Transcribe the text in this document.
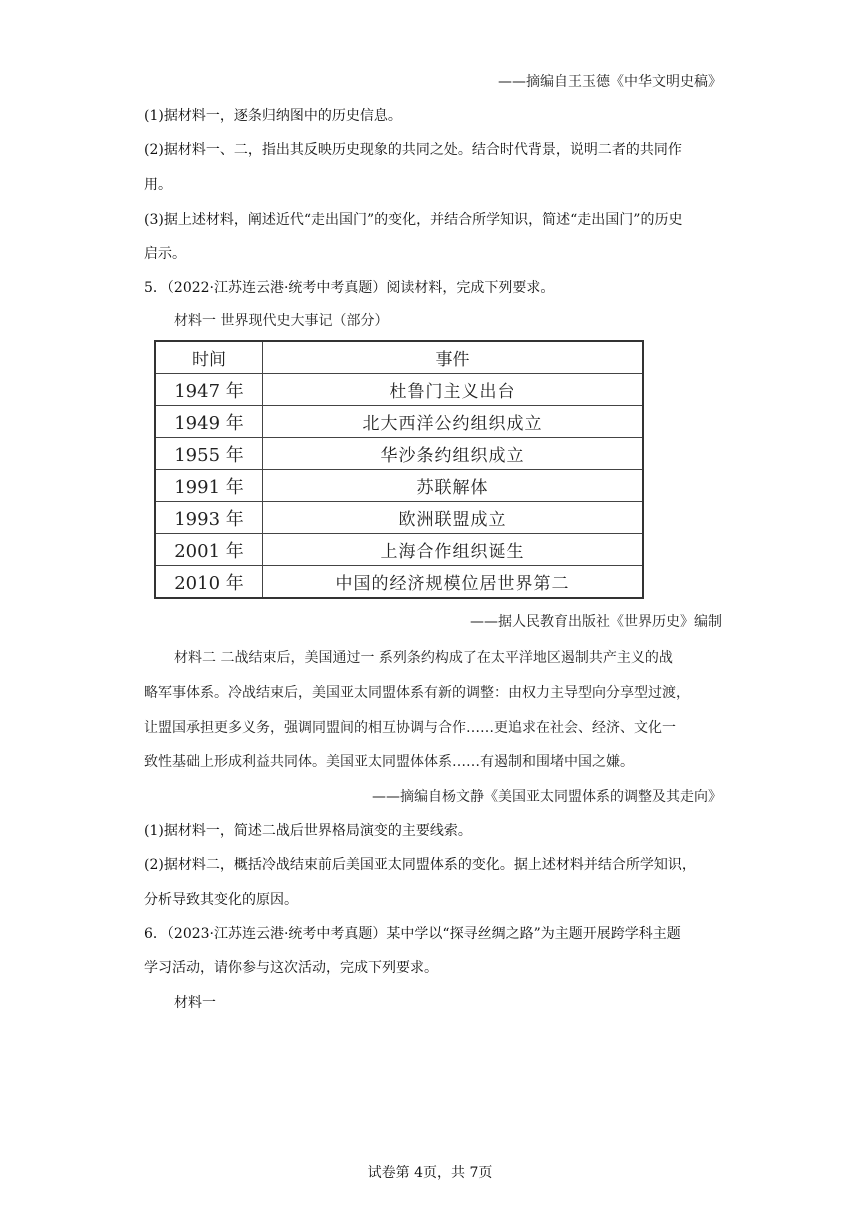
——摘编自王玉德《中华文明史稿》
(1)据材料一，逐条归纳图中的历史信息。
(2)据材料一、二，指出其反映历史现象的共同之处。结合时代背景，说明二者的共同作
用。
(3)据上述材料，阐述近代“走出国门”的变化，并结合所学知识，简述“走出国门”的历史
启示。
5．（2022·江苏连云港·统考中考真题）阅读材料，完成下列要求。
材料一 世界现代史大事记（部分）
时间	事件
1947 年	杜鲁门主义出台
1949 年	北大西洋公约组织成立
1955 年	华沙条约组织成立
1991 年	苏联解体
1993 年	欧洲联盟成立
2001 年	上海合作组织诞生
2010 年	中国的经济规模位居世界第二
——据人民教育出版社《世界历史》编制
材料二 二战结束后，美国通过一 系列条约构成了在太平洋地区遏制共产主义的战
略军事体系。冷战结束后，美国亚太同盟体系有新的调整：由权力主导型向分享型过渡，
让盟国承担更多义务，强调同盟间的相互协调与合作……更追求在社会、经济、文化一
致性基础上形成利益共同体。美国亚太同盟体体系……有遏制和围堵中国之嫌。
——摘编自杨文静《美国亚太同盟体系的调整及其走向》
(1)据材料一，简述二战后世界格局演变的主要线索。
(2)据材料二，概括冷战结束前后美国亚太同盟体系的变化。据上述材料并结合所学知识，
分析导致其变化的原因。
6．（2023·江苏连云港·统考中考真题）某中学以“探寻丝绸之路”为主题开展跨学科主题
学习活动，请你参与这次活动，完成下列要求。
材料一
试卷第 4页，共 7页
